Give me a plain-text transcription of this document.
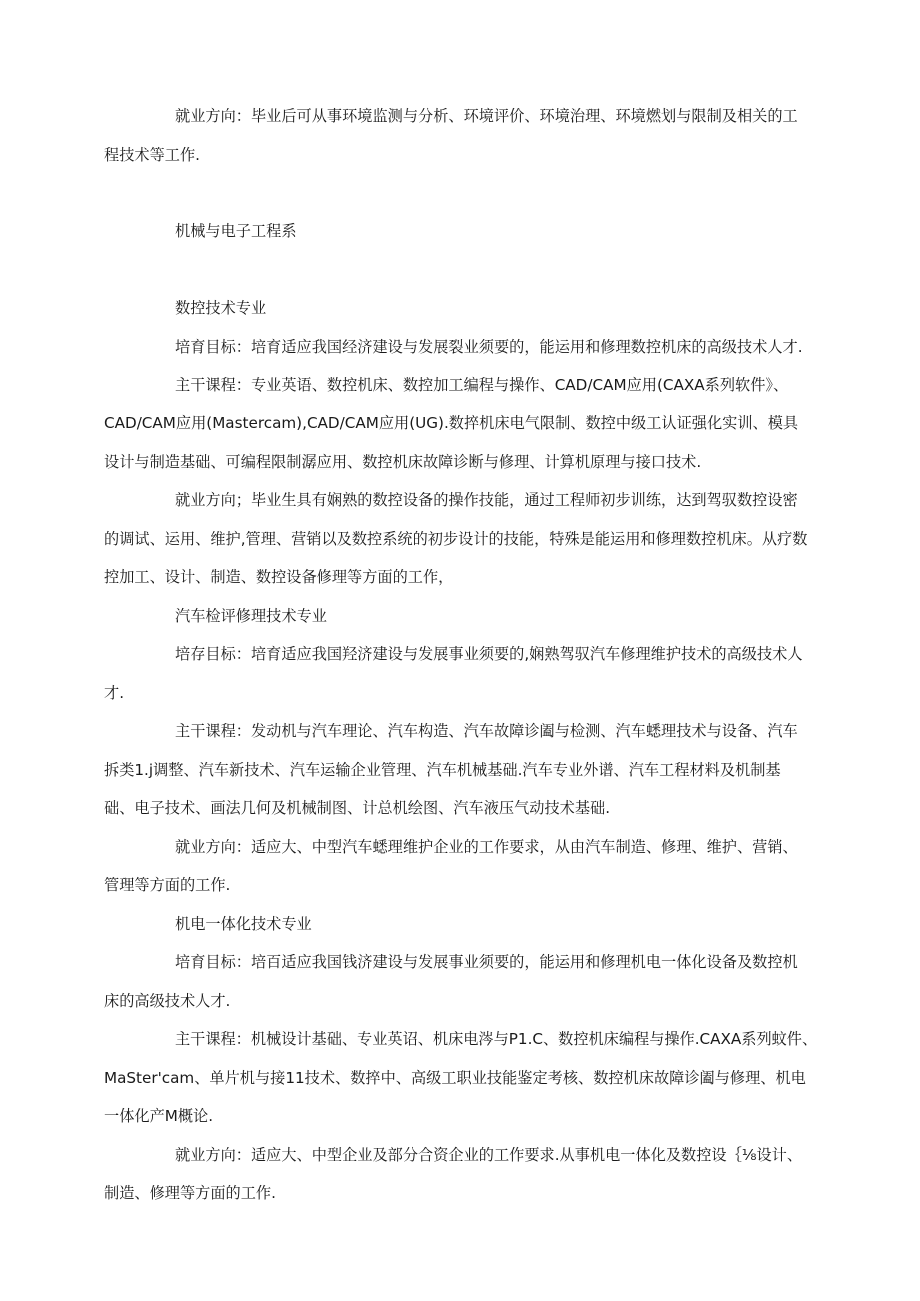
就业方向：毕业后可从事环境监测与分析、环境评价、环境治理、环境燃划与限制及相关的工
程技术等工作.
机械与电子工程系
数控技术专业
培育目标：培育适应我国经济建设与发展裂业须要的，能运用和修理数控机床的高级技术人才.
主干课程：专业英语、数控机床、数控加工编程与操作、CAD/CAM应用(CAXA系列软件》、
CAD/CAM应用(Mastercam),CAD/CAM应用(UG).数捽机床电气限制、数控中级工认证强化实训、模具
设计与制造基础、可编程限制潺应用、数控机床故障诊断与修理、计算机原理与接口技术.
就业方向；毕业生具有娴熟的数控设备的操作技能，通过工程师初步训练，达到驾驭数控设密
的调试、运用、维护,管理、营销以及数控系统的初步设计的技能，特殊是能运用和修理数控机床。从疗数
控加工、设计、制造、数控设备修理等方面的工作，
汽车检评修理技术专业
培存目标：培育适应我国羟济建设与发展事业须要的,娴熟驾驭汽车修理维护技术的高级技术人
才.
主干课程：发动机与汽车理论、汽车构造、汽车故障诊阖与检测、汽车蟋理技术与设备、汽车
拆类1.j调整、汽车新技术、汽车运输企业管理、汽车机械基础.汽车专业外谱、汽车工程材料及机制基
础、电子技术、画法几何及机械制图、计总机绘图、汽车液压气动技术基础.
就业方向：适应大、中型汽车蟋理维护企业的工作要求，从由汽车制造、修理、维护、营销、
管理等方面的工作.
机电一体化技术专业
培育目标：培百适应我国钱济建设与发展事业须要的，能运用和修理机电一体化设备及数控机
床的高级技术人才.
主干课程：机械设计基础、专业英诏、机床电涔与P1.C、数控机床编程与操作.CAXA系列蚊件、
MaSter'cam、单片机与接11技术、数捽中、高级工职业技能鉴定考核、数控机床故障诊阖与修理、机电
一体化产M概论.
就业方向：适应大、中型企业及部分合资企业的工作要求.从事机电一体化及数控设｛⅛设计、
制造、修理等方面的工作.
